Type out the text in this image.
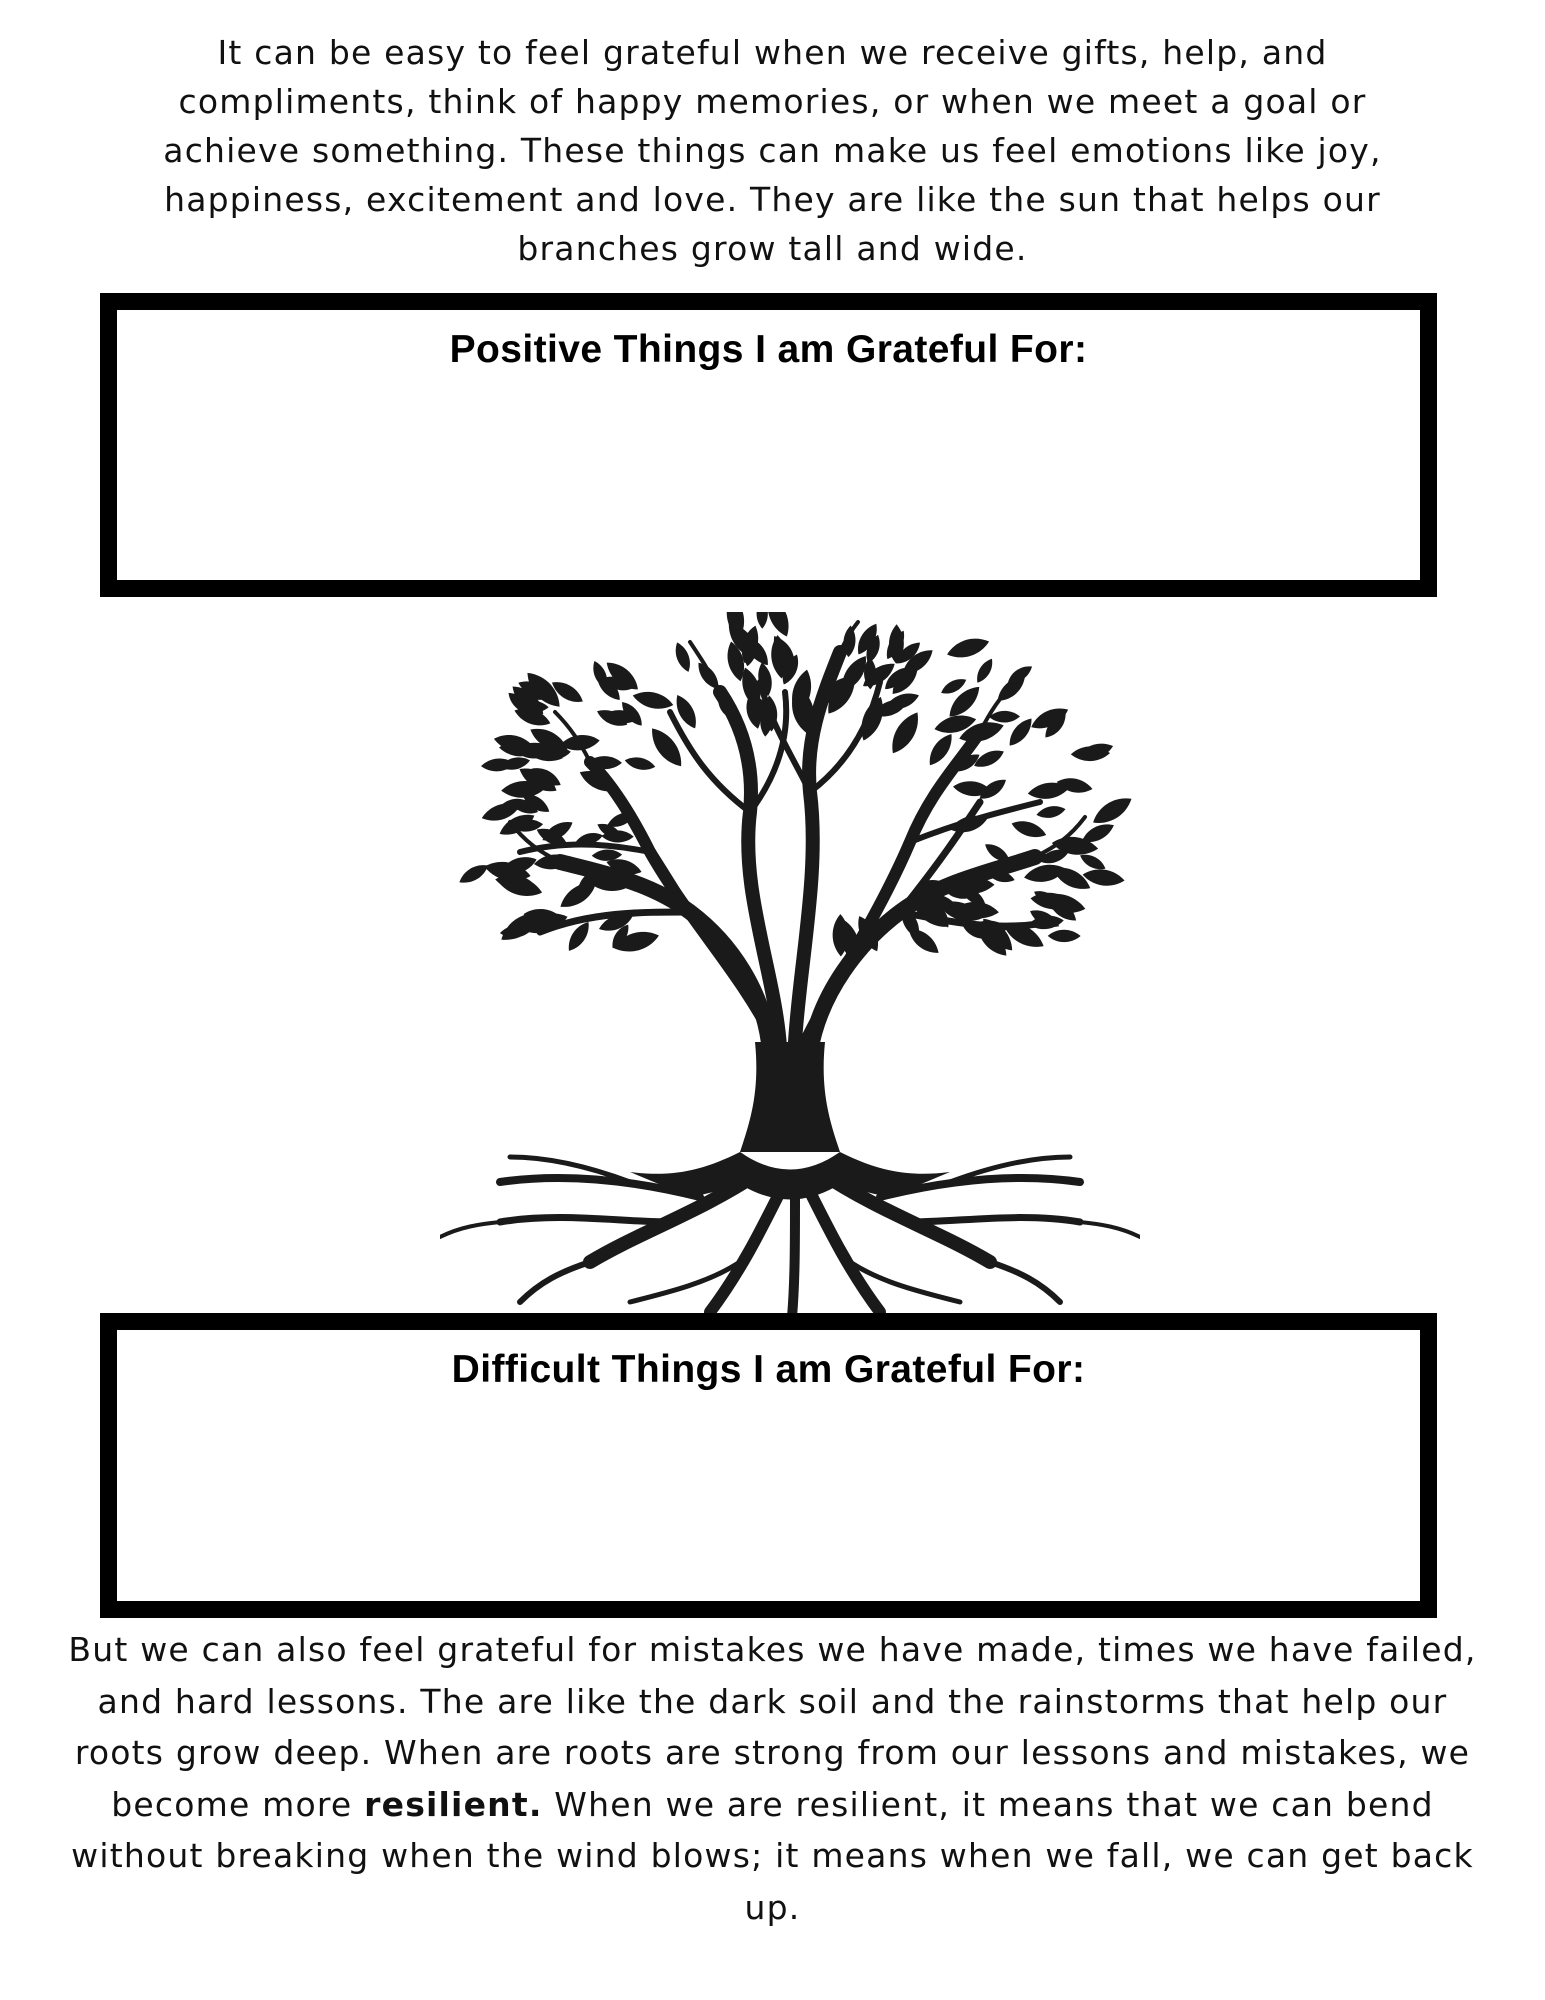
It can be easy to feel grateful when we receive gifts, help, and compliments, think of happy memories, or when we meet a goal or achieve something. These things can make us feel emotions like joy, happiness, excitement and love. They are like the sun that helps our branches grow tall and wide.

Positive Things I am Grateful For:
Difficult Things I am Grateful For:

But we can also feel grateful for mistakes we have made, times we have failed, and hard lessons. The are like the dark soil and the rainstorms that help our roots grow deep. When are roots are strong from our lessons and mistakes, we become more resilient. When we are resilient, it means that we can bend without breaking when the wind blows; it means when we fall, we can get back up.
